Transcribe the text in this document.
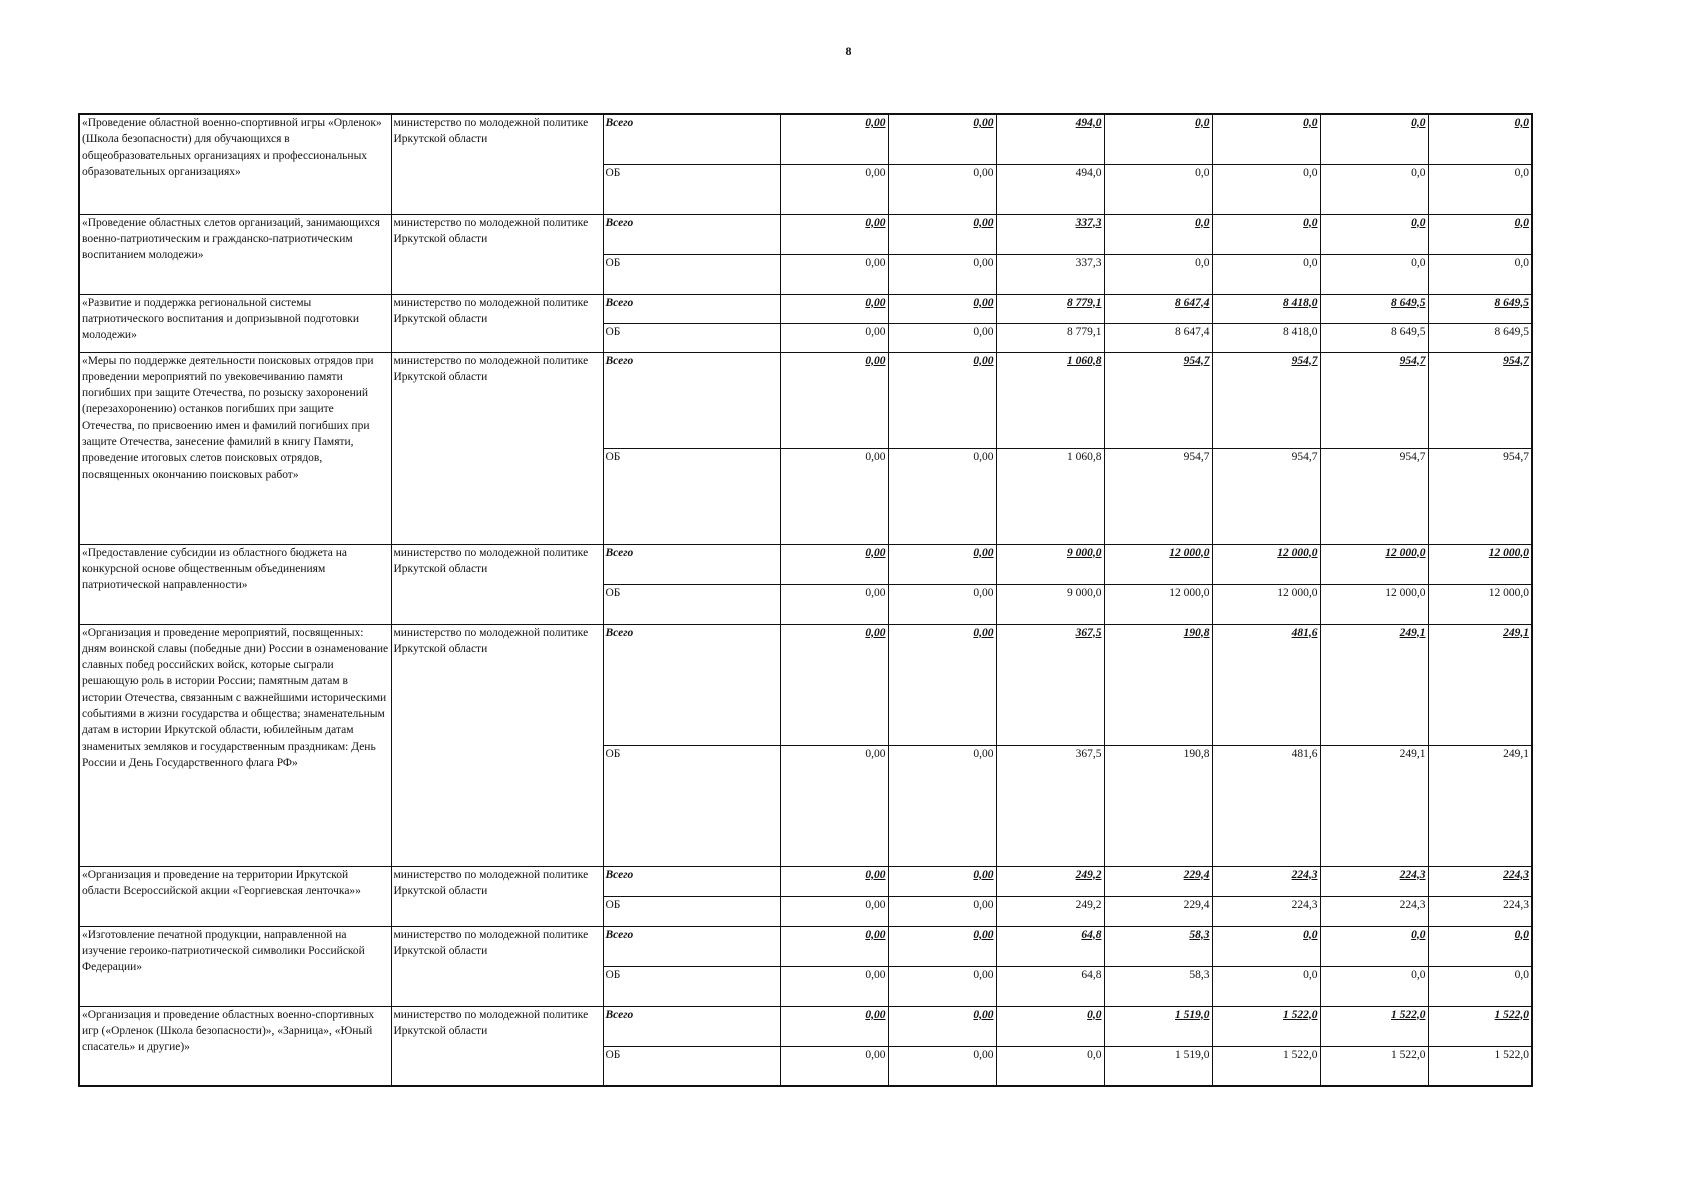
8
«Проведение областной военно-спортивной игры «Орленок» (Школа безопасности) для обучающихся в общеобразовательных организациях и профессиональных образовательных организациях»	министерство по молодежной политике Иркутской области	Всего	0,00	0,00	494,0	0,0	0,0	0,0	0,0
		ОБ	0,00	0,00	494,0	0,0	0,0	0,0	0,0
«Проведение областных слетов организаций, занимающихся военно-патриотическим и гражданско-патриотическим воспитанием молодежи»	министерство по молодежной политике Иркутской области	Всего	0,00	0,00	337,3	0,0	0,0	0,0	0,0
		ОБ	0,00	0,00	337,3	0,0	0,0	0,0	0,0
«Развитие и поддержка региональной системы патриотического воспитания и допризывной подготовки молодежи»	министерство по молодежной политике Иркутской области	Всего	0,00	0,00	8 779,1	8 647,4	8 418,0	8 649,5	8 649,5
		ОБ	0,00	0,00	8 779,1	8 647,4	8 418,0	8 649,5	8 649,5
«Меры по поддержке деятельности поисковых отрядов при проведении мероприятий по увековечиванию памяти погибших при защите Отечества, по розыску захоронений (перезахоронению) останков погибших при защите Отечества, по присвоению имен и фамилий погибших при защите Отечества, занесение фамилий в книгу Памяти, проведение итоговых слетов поисковых отрядов, посвященных окончанию поисковых работ»	министерство по молодежной политике Иркутской области	Всего	0,00	0,00	1 060,8	954,7	954,7	954,7	954,7
		ОБ	0,00	0,00	1 060,8	954,7	954,7	954,7	954,7
«Предоставление субсидии из областного бюджета на конкурсной основе общественным объединениям патриотической направленности»	министерство по молодежной политике Иркутской области	Всего	0,00	0,00	9 000,0	12 000,0	12 000,0	12 000,0	12 000,0
		ОБ	0,00	0,00	9 000,0	12 000,0	12 000,0	12 000,0	12 000,0
«Организация и проведение мероприятий, посвященных: дням воинской славы (победные дни) России в ознаменование славных побед российских войск, которые сыграли решающую роль в истории России; памятным датам в истории Отечества, связанным с важнейшими историческими событиями в жизни государства и общества; знаменательным датам в истории Иркутской области, юбилейным датам знаменитых земляков и государственным праздникам: День России и День Государственного флага РФ»	министерство по молодежной политике Иркутской области	Всего	0,00	0,00	367,5	190,8	481,6	249,1	249,1
		ОБ	0,00	0,00	367,5	190,8	481,6	249,1	249,1
«Организация и проведение на территории Иркутской области Всероссийской акции «Георгиевская ленточка»»	министерство по молодежной политике Иркутской области	Всего	0,00	0,00	249,2	229,4	224,3	224,3	224,3
		ОБ	0,00	0,00	249,2	229,4	224,3	224,3	224,3
«Изготовление печатной продукции, направленной на изучение героико-патриотической символики Российской Федерации»	министерство по молодежной политике Иркутской области	Всего	0,00	0,00	64,8	58,3	0,0	0,0	0,0
		ОБ	0,00	0,00	64,8	58,3	0,0	0,0	0,0
«Организация и проведение областных военно-спортивных игр («Орленок (Школа безопасности)», «Зарница», «Юный спасатель» и другие)»	министерство по молодежной политике Иркутской области	Всего	0,00	0,00	0,0	1 519,0	1 522,0	1 522,0	1 522,0
		ОБ	0,00	0,00	0,0	1 519,0	1 522,0	1 522,0	1 522,0
